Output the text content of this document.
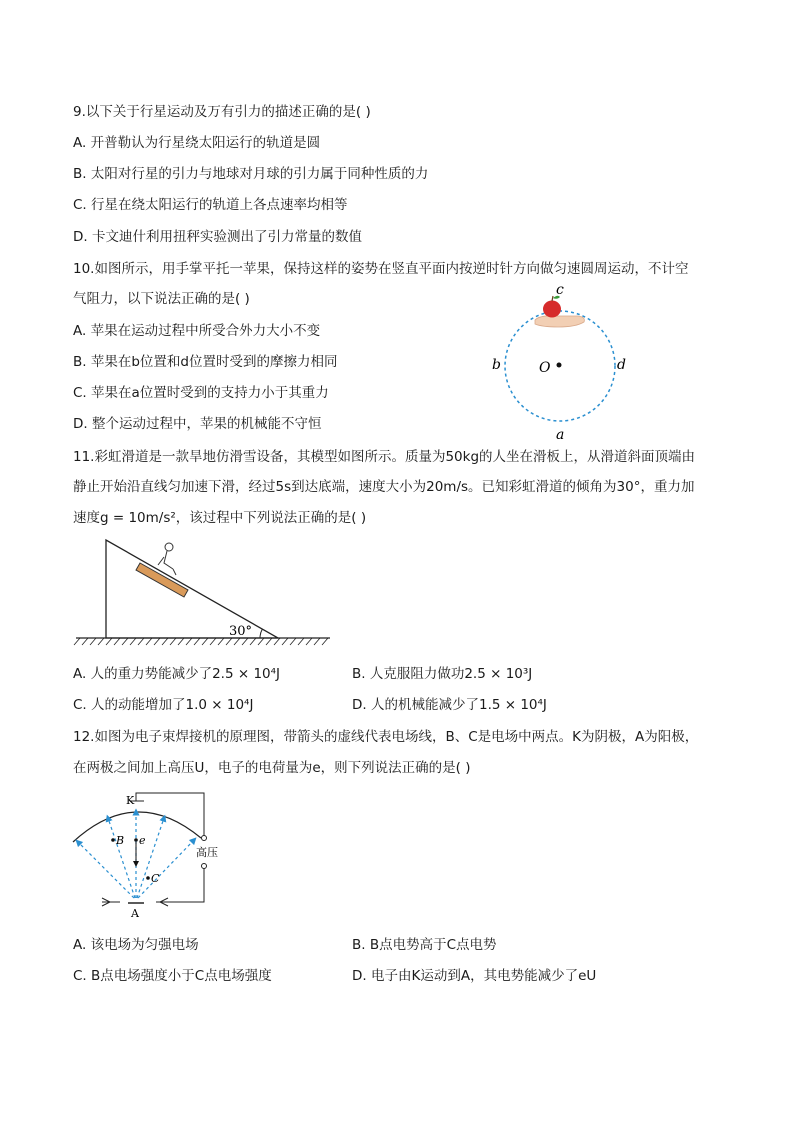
9.以下关于行星运动及万有引力的描述正确的是( )
A. 开普勒认为行星绕太阳运行的轨道是圆
B. 太阳对行星的引力与地球对月球的引力属于同种性质的力
C. 行星在绕太阳运行的轨道上各点速率均相等
D. 卡文迪什利用扭秤实验测出了引力常量的数值
10.如图所示，用手掌平托一苹果，保持这样的姿势在竖直平面内按逆时针方向做匀速圆周运动，不计空
气阻力，以下说法正确的是( )
A. 苹果在运动过程中所受合外力大小不变
B. 苹果在b位置和d位置时受到的摩擦力相同
C. 苹果在a位置时受到的支持力小于其重力
D. 整个运动过程中，苹果的机械能不守恒
c
b	O	d
a
11.彩虹滑道是一款旱地仿滑雪设备，其模型如图所示。质量为50kg的人坐在滑板上，从滑道斜面顶端由
静止开始沿直线匀加速下滑，经过5s到达底端，速度大小为20m/s。已知彩虹滑道的倾角为30°，重力加
速度g = 10m/s²，该过程中下列说法正确的是( )
30°
A. 人的重力势能减少了2.5 × 10⁴J	B. 人克服阻力做功2.5 × 10³J
C. 人的动能增加了1.0 × 10⁴J	D. 人的机械能减少了1.5 × 10⁴J
12.如图为电子束焊接机的原理图，带箭头的虚线代表电场线，B、C是电场中两点。K为阴极，A为阳极，
在两极之间加上高压U，电子的电荷量为e，则下列说法正确的是( )
K
B e
C
A
高压
A. 该电场为匀强电场	B. B点电势高于C点电势
C. B点电场强度小于C点电场强度	D. 电子由K运动到A，其电势能减少了eU
